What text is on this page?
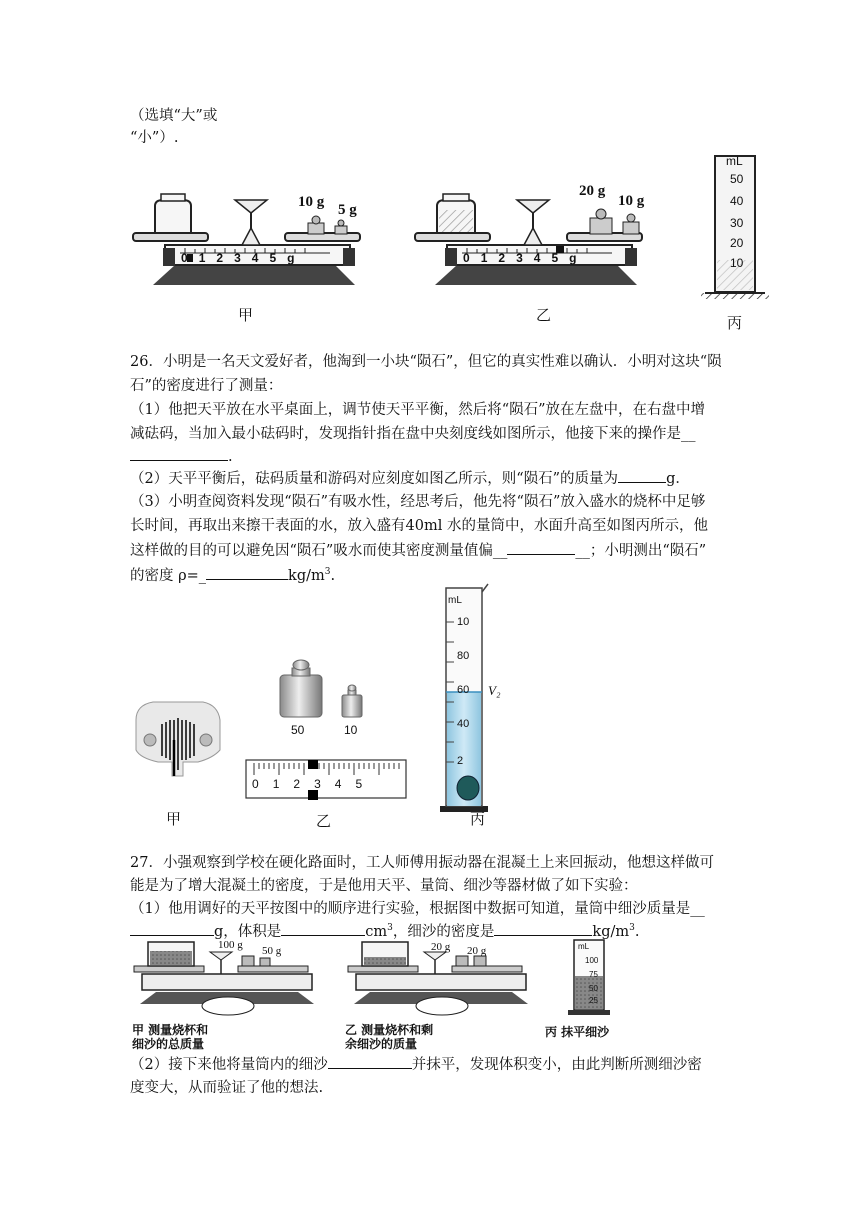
（选填“大”或
“小”）.
10 g 5 g
20 g
10 g
mL
50
40
30
20
10
012345g	012345g
甲	乙	丙
26．小明是一名天文爱好者，他淘到一小块“陨石”，但它的真实性难以确认．小明对这块“陨
石”的密度进行了测量：
（1）他把天平放在水平桌面上，调节使天平平衡，然后将“陨石”放在左盘中，在右盘中增
减砝码，当加入最小砝码时，发现指针指在盘中央刻度线如图所示，他接下来的操作是__
.
（2）天平平衡后，砝码质量和游码对应刻度如图乙所示，则“陨石”的质量为	g．
（3）小明查阅资料发现“陨石”有吸水性，经思考后，他先将“陨石”放入盛水的烧杯中足够
长时间，再取出来擦干表面的水，放入盛有40ml 水的量筒中，水面升高至如图丙所示，他
这样做的目的可以避免因“陨石”吸水而使其密度测量值偏__	__；小明测出“陨石”
的密度 ρ=_	$kg/m^3$.
50	10
012345
mL
10
80
60
40
2
V₂
甲	乙	丙
27．小强观察到学校在硬化路面时，工人师傅用振动器在混凝土上来回振动，他想这样做可
能是为了增大混凝土的密度，于是他用天平、量筒、细沙等器材做了如下实验：
（1）他用调好的天平按图中的顺序进行实验，根据图中数据可知道，量筒中细沙质量是__
g，体积是	$cm^3$，细沙的密度是	$kg/m^3$.
100 g 50 g	20 g 20 g	mL
100
75
50
25
甲 测量烧杯和
细沙的总质量
乙 测量烧杯和剩
余细沙的质量
丙 抹平细沙
（2）接下来他将量筒内的细沙	并抹平，发现体积变小，由此判断所测细沙密
度变大，从而验证了他的想法.
